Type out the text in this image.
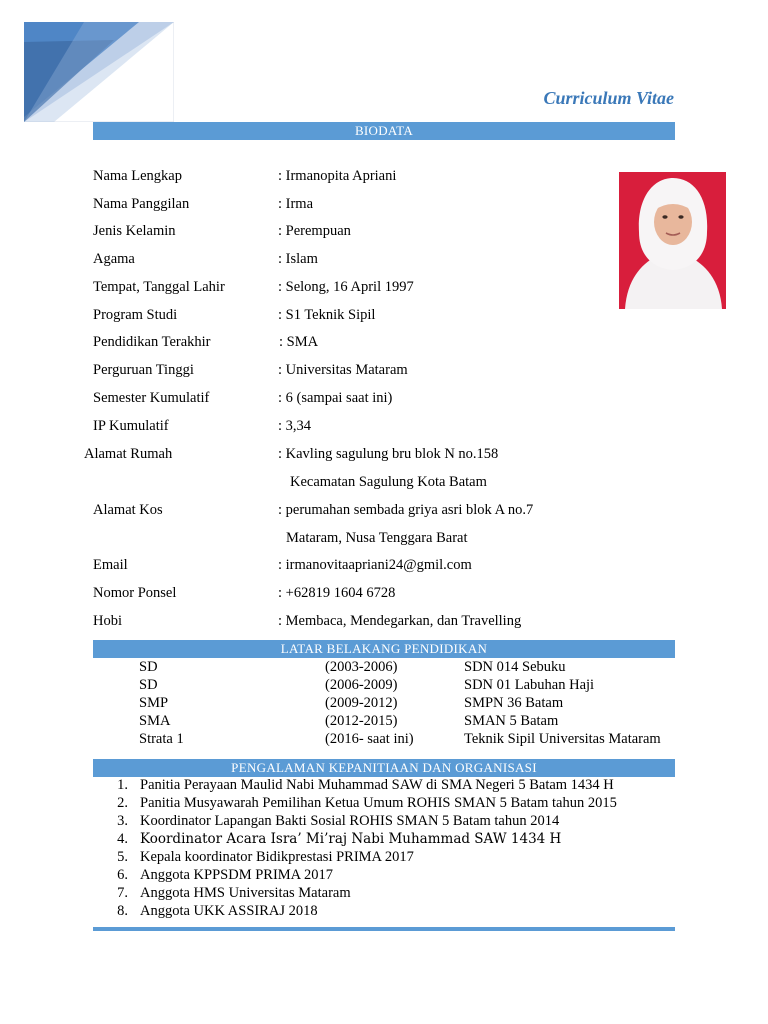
Curriculum Vitae
BIODATA
Nama Lengkap	: Irmanopita Apriani
Nama Panggilan	: Irma
Jenis Kelamin	: Perempuan
Agama	: Islam
Tempat, Tanggal Lahir	: Selong, 16 April 1997
Program Studi	: S1 Teknik Sipil
Pendidikan Terakhir	: SMA
Perguruan Tinggi	: Universitas Mataram
Semester Kumulatif	: 6 (sampai saat ini)
IP Kumulatif	: 3,34
Alamat Rumah	: Kavling sagulung bru blok N no.158
Kecamatan Sagulung Kota Batam
Alamat Kos	: perumahan sembada griya asri blok A no.7
Mataram, Nusa Tenggara Barat
Email	: irmanovitaapriani24@gmil.com
Nomor Ponsel	: +62819 1604 6728
Hobi	: Membaca, Mendegarkan, dan Travelling
LATAR BELAKANG PENDIDIKAN
SD	(2003-2006)	SDN 014 Sebuku
SD	(2006-2009)	SDN 01 Labuhan Haji
SMP	(2009-2012)	SMPN 36 Batam
SMA	(2012-2015)	SMAN 5 Batam
Strata 1	(2016- saat ini)	Teknik Sipil Universitas Mataram
PENGALAMAN KEPANITIAAN DAN ORGANISASI
1. Panitia Perayaan Maulid Nabi Muhammad SAW di SMA Negeri 5 Batam 1434 H
2. Panitia Musyawarah Pemilihan Ketua Umum ROHIS SMAN 5 Batam tahun 2015
3. Koordinator Lapangan Bakti Sosial ROHIS SMAN 5 Batam tahun 2014
4. Koordinator Acara Isra’ Mi’raj Nabi Muhammad SAW 1434 H
5. Kepala koordinator Bidikprestasi PRIMA 2017
6. Anggota KPPSDM PRIMA 2017
7. Anggota HMS Universitas Mataram
8. Anggota UKK ASSIRAJ 2018
